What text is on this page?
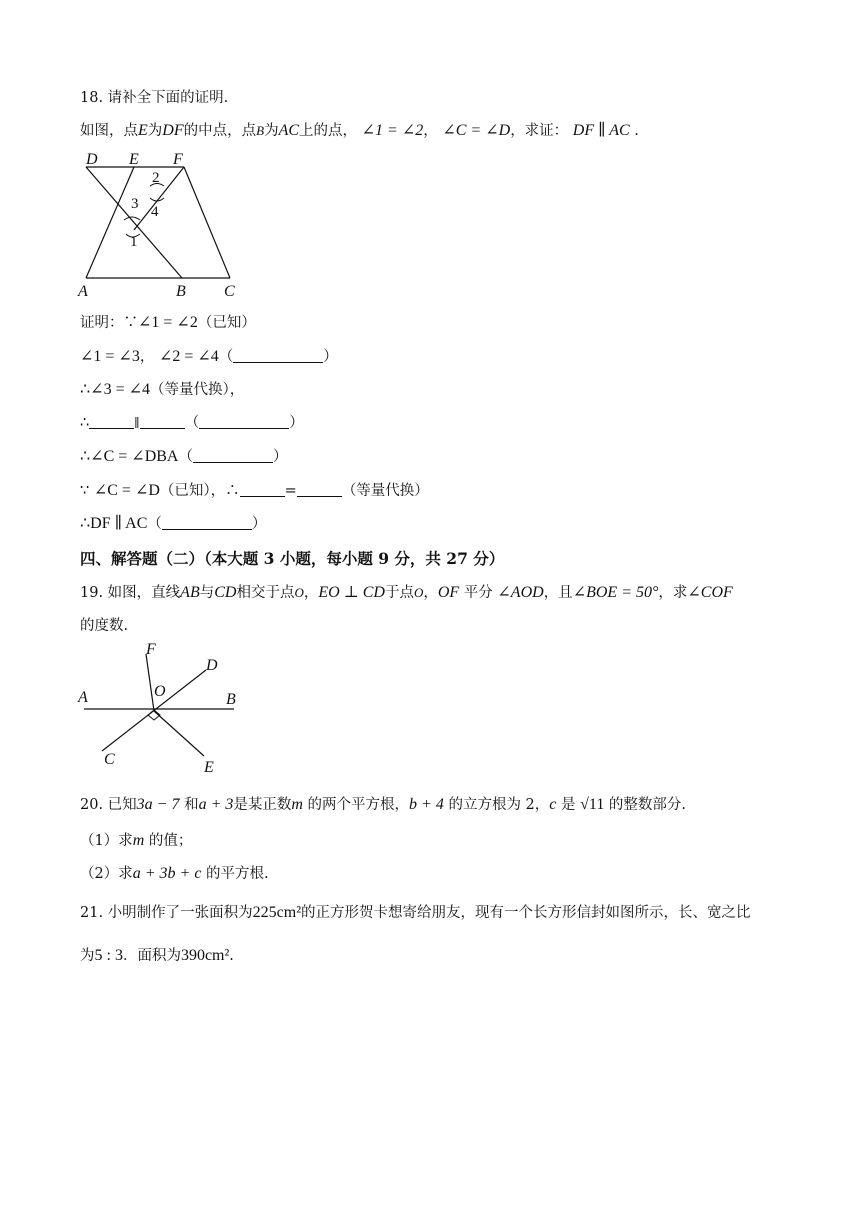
18. 请补全下面的证明.
如图，点E为DF的中点，点B为AC上的点， ∠1 = ∠2， ∠C = ∠D，求证： DF ∥ AC .
D E F
2
3 4
1
A	B C
证明：∵∠1 = ∠2（已知）
∠1 = ∠3， ∠2 = ∠4（	）
∴∠3 = ∠4（等量代换），
∴	∥	（	）
∴∠C = ∠DBA（	）
∵ ∠C = ∠D（已知），∴	=	（等量代换）
∴DF ∥ AC（	）
四、解答题（二）（本大题 3 小题，每小题 9 分，共 27 分）
19. 如图，直线AB与CD相交于点O，EO ⊥ CD于点O，OF 平分 ∠AOD，且∠BOE = 50°，求∠COF
的度数.
F
D
O
A	B
C	E
20. 已知3a − 7 和a + 3是某正数m 的两个平方根，b + 4 的立方根为 2，c 是 √11 的整数部分.
（1）求m 的值；
（2）求a + 3b + c 的平方根.
21. 小明制作了一张面积为225cm²的正方形贺卡想寄给朋友，现有一个长方形信封如图所示，长、宽之比
为5 : 3．面积为390cm².
